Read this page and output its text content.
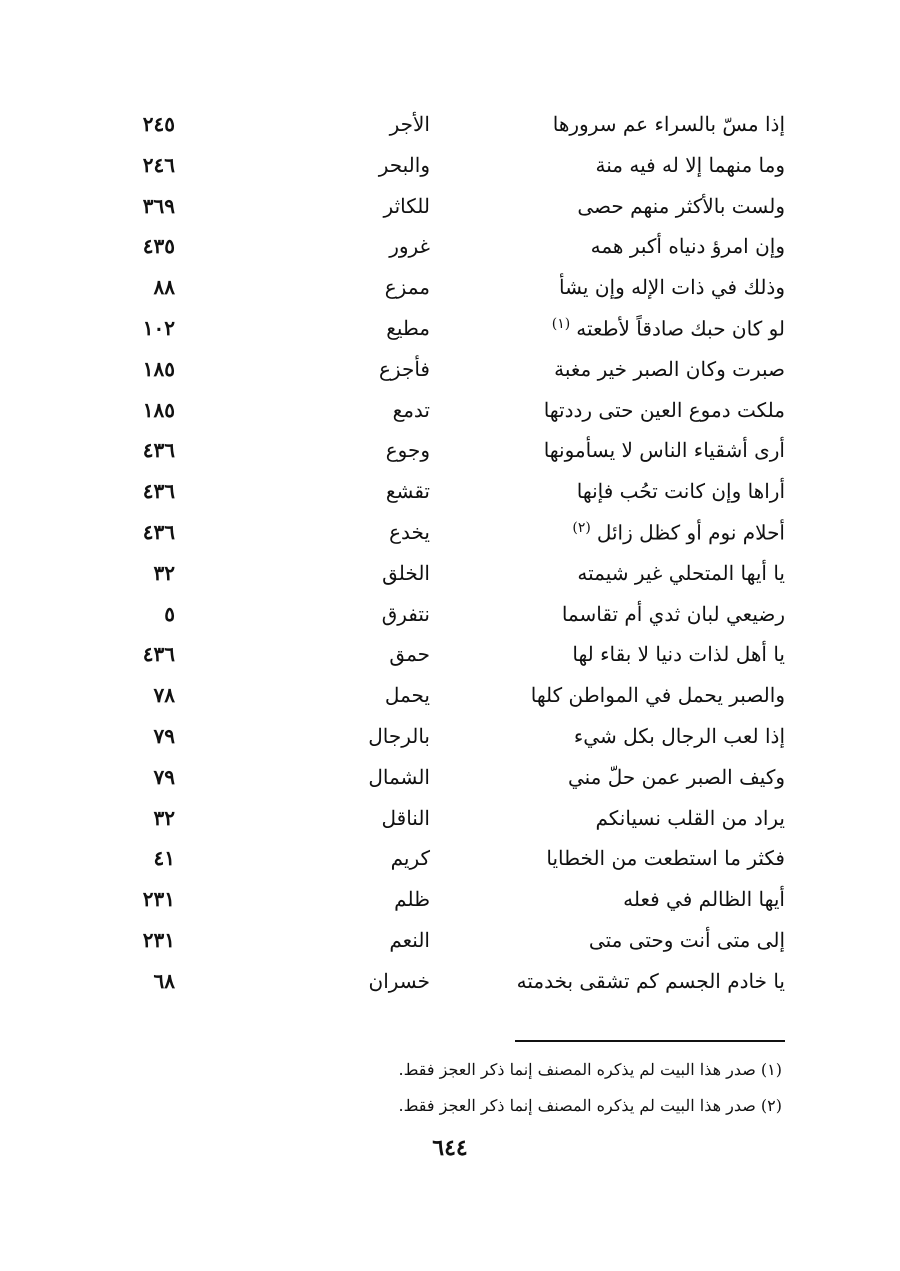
إذا مسّ بالسراء عم سرورها
الأجر
٢٤٥
وما منهما إلا له فيه منة
والبحر
٢٤٦
ولست بالأكثر منهم حصى
للكاثر
٣٦٩
وإن امرؤ دنياه أكبر همه
غرور
٤٣٥
وذلك في ذات الإله وإن يشأ
ممزع
٨٨
لو كان حبك صادقاً لأطعته$^{(١)}$
مطيع
١٠٢
صبرت وكان الصبر خير مغبة
فأجزع
١٨٥
ملكت دموع العين حتى رددتها
تدمع
١٨٥
أرى أشقياء الناس لا يسأمونها
وجوع
٤٣٦
أراها وإن كانت تحُب فإنها
تقشع
٤٣٦
أحلام نوم أو كظل زائل$^{(٢)}$
يخدع
٤٣٦
يا أيها المتحلي غير شيمته
الخلق
٣٢
رضيعي لبان ثدي أم تقاسما
نتفرق
٥
يا أهل لذات دنيا لا بقاء لها
حمق
٤٣٦
والصبر يحمل في المواطن كلها
يحمل
٧٨
إذا لعب الرجال بكل شيء
بالرجال
٧٩
وكيف الصبر عمن حلّ مني
الشمال
٧٩
يراد من القلب نسيانكم
الناقل
٣٢
فكثر ما استطعت من الخطايا
كريم
٤١
أيها الظالم في فعله
ظلم
٢٣١
إلى متى أنت وحتى متى
النعم
٢٣١
يا خادم الجسم كم تشقى بخدمته
خسران
٦٨
(١) صدر هذا البيت لم يذكره المصنف إنما ذكر العجز فقط.
(٢) صدر هذا البيت لم يذكره المصنف إنما ذكر العجز فقط.
٦٤٤
